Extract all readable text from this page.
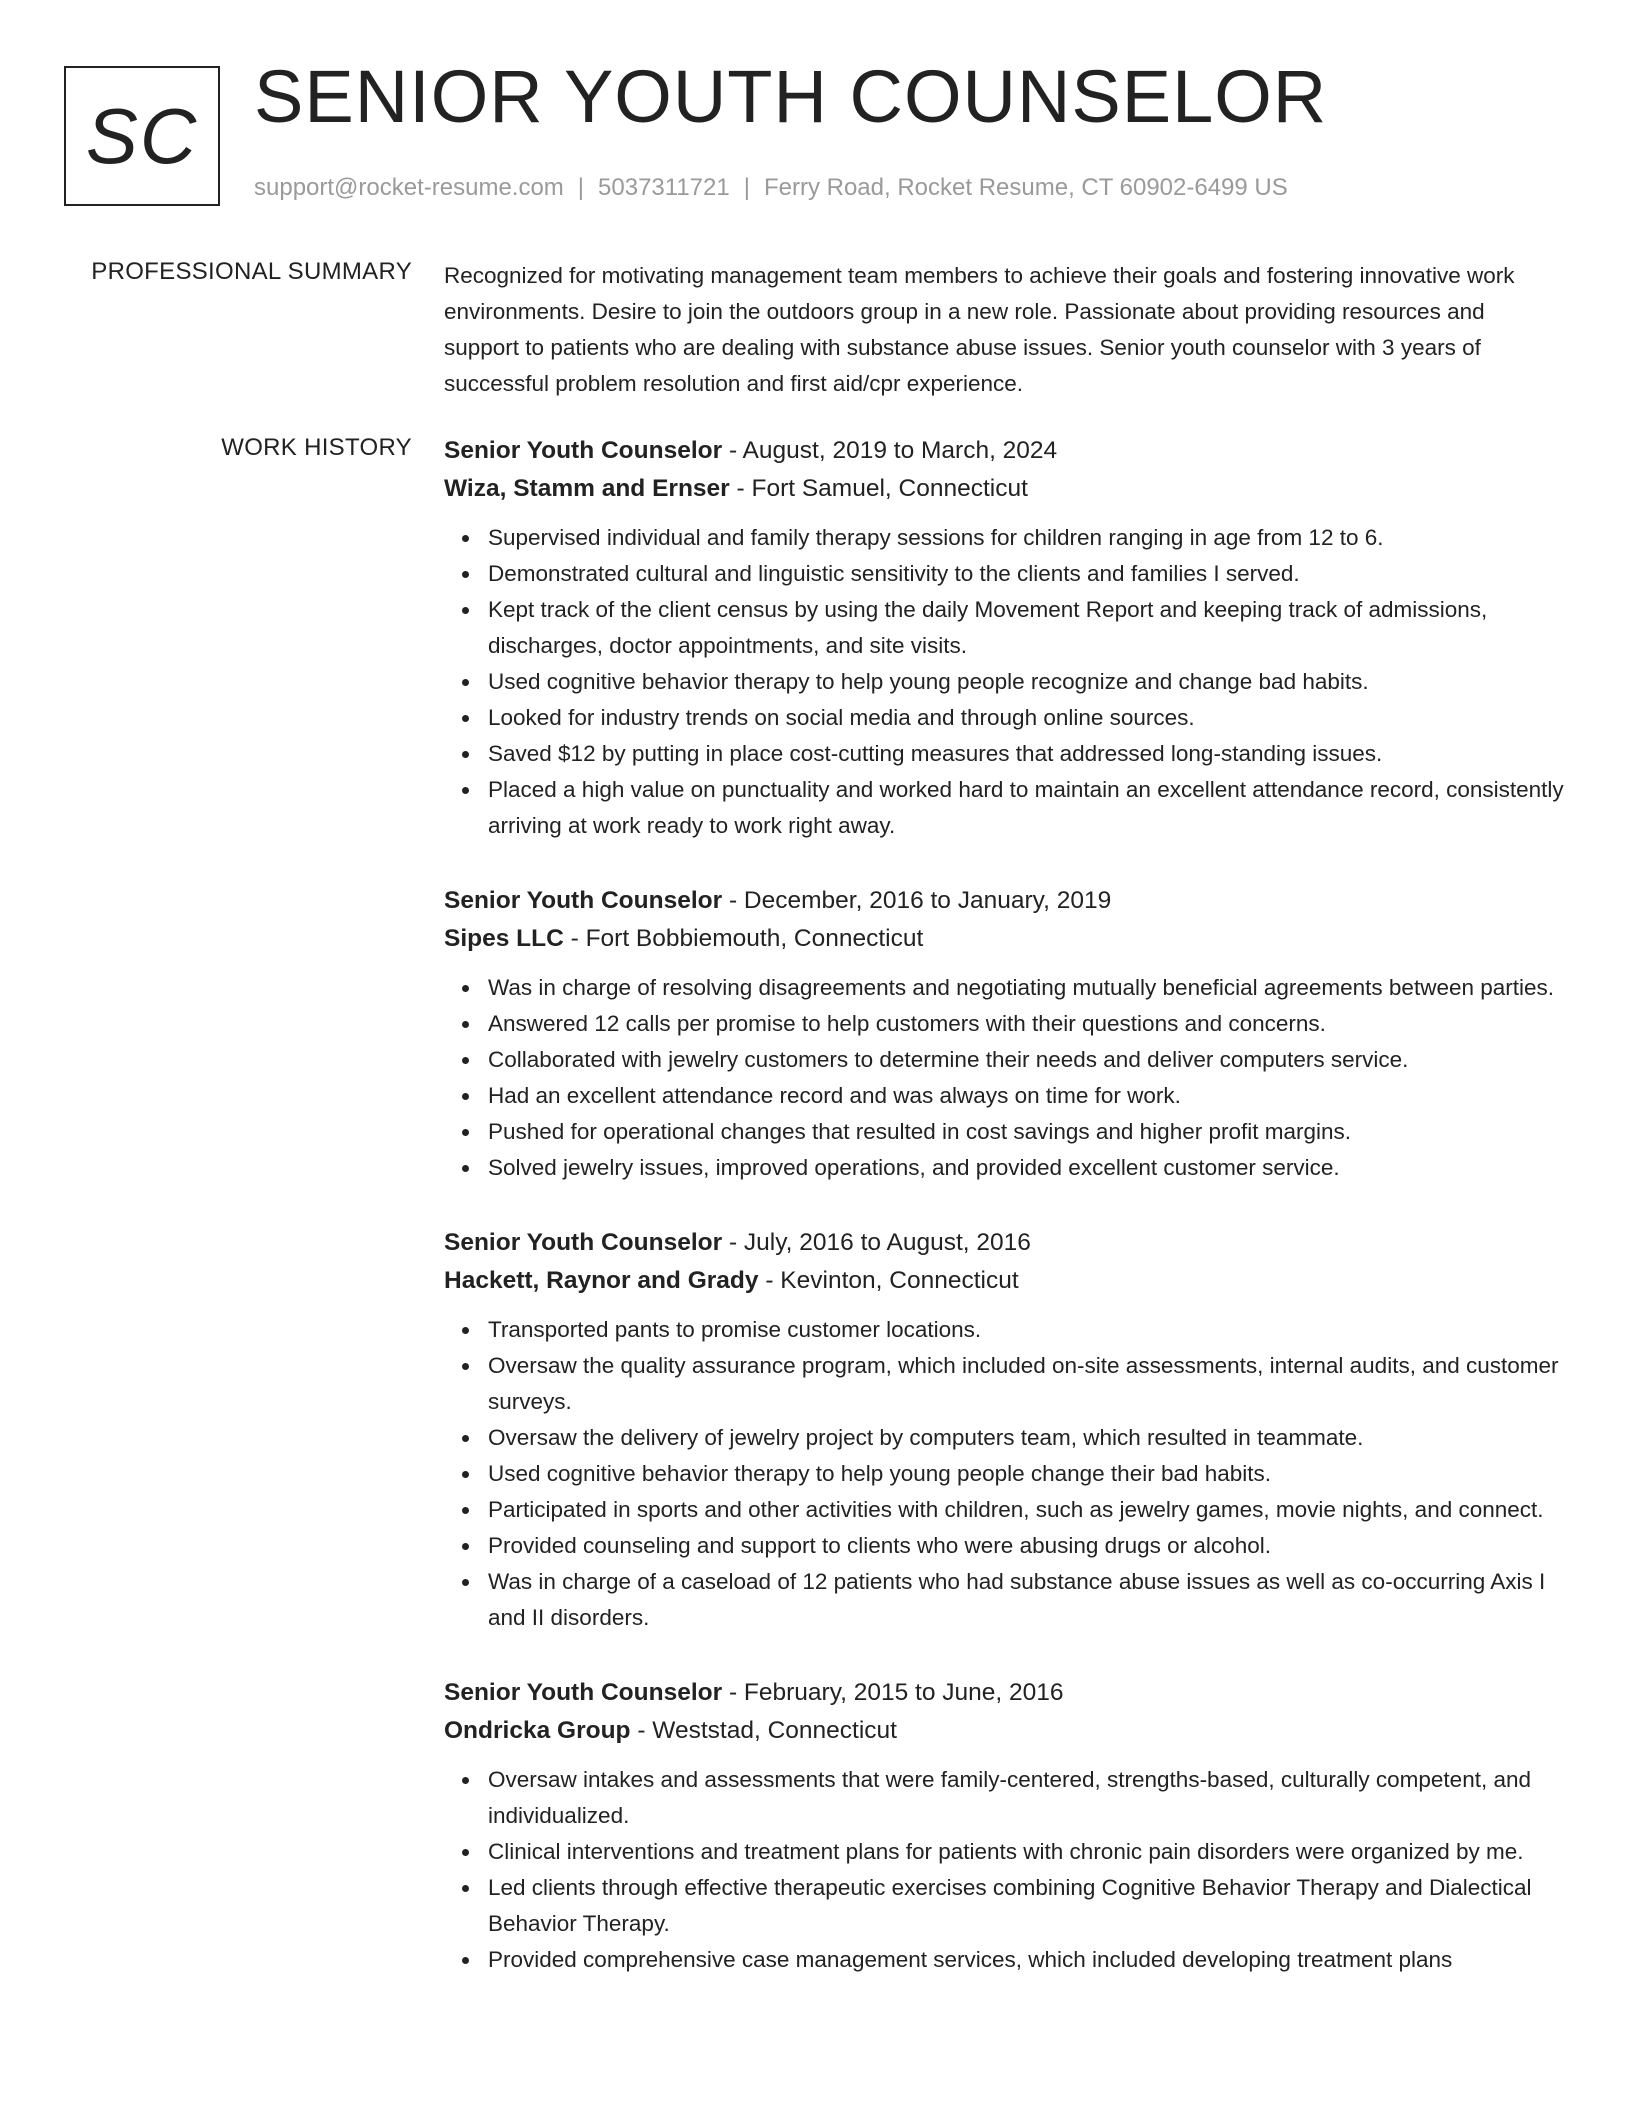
SC SENIOR YOUTH COUNSELOR
support@rocket-resume.com | 5037311721 | Ferry Road, Rocket Resume, CT 60902-6499 US
PROFESSIONAL SUMMARY Recognized for motivating management team members to achieve their goals and fostering innovative work environments. Desire to join the outdoors group in a new role. Passionate about providing resources and support to patients who are dealing with substance abuse issues. Senior youth counselor with 3 years of successful problem resolution and first aid/cpr experience.

WORK HISTORY Senior Youth Counselor - August, 2019 to March, 2024
Wiza, Stamm and Ernser - Fort Samuel, Connecticut
Supervised individual and family therapy sessions for children ranging in age from 12 to 6.
Demonstrated cultural and linguistic sensitivity to the clients and families I served.
Kept track of the client census by using the daily Movement Report and keeping track of admissions, discharges, doctor appointments, and site visits.
Used cognitive behavior therapy to help young people recognize and change bad habits.
Looked for industry trends on social media and through online sources.
Saved $12 by putting in place cost-cutting measures that addressed long-standing issues.
Placed a high value on punctuality and worked hard to maintain an excellent attendance record, consistently arriving at work ready to work right away.
Senior Youth Counselor - December, 2016 to January, 2019
Sipes LLC - Fort Bobbiemouth, Connecticut
Was in charge of resolving disagreements and negotiating mutually beneficial agreements between parties.
Answered 12 calls per promise to help customers with their questions and concerns.
Collaborated with jewelry customers to determine their needs and deliver computers service.
Had an excellent attendance record and was always on time for work.
Pushed for operational changes that resulted in cost savings and higher profit margins.
Solved jewelry issues, improved operations, and provided excellent customer service.
Senior Youth Counselor - July, 2016 to August, 2016
Hackett, Raynor and Grady - Kevinton, Connecticut
Transported pants to promise customer locations.
Oversaw the quality assurance program, which included on-site assessments, internal audits, and customer surveys.
Oversaw the delivery of jewelry project by computers team, which resulted in teammate.
Used cognitive behavior therapy to help young people change their bad habits.
Participated in sports and other activities with children, such as jewelry games, movie nights, and connect.
Provided counseling and support to clients who were abusing drugs or alcohol.
Was in charge of a caseload of 12 patients who had substance abuse issues as well as co-occurring Axis I and II disorders.
Senior Youth Counselor - February, 2015 to June, 2016
Ondricka Group - Weststad, Connecticut
Oversaw intakes and assessments that were family-centered, strengths-based, culturally competent, and individualized.
Clinical interventions and treatment plans for patients with chronic pain disorders were organized by me.
Led clients through effective therapeutic exercises combining Cognitive Behavior Therapy and Dialectical Behavior Therapy.
Provided comprehensive case management services, which included developing treatment plans
